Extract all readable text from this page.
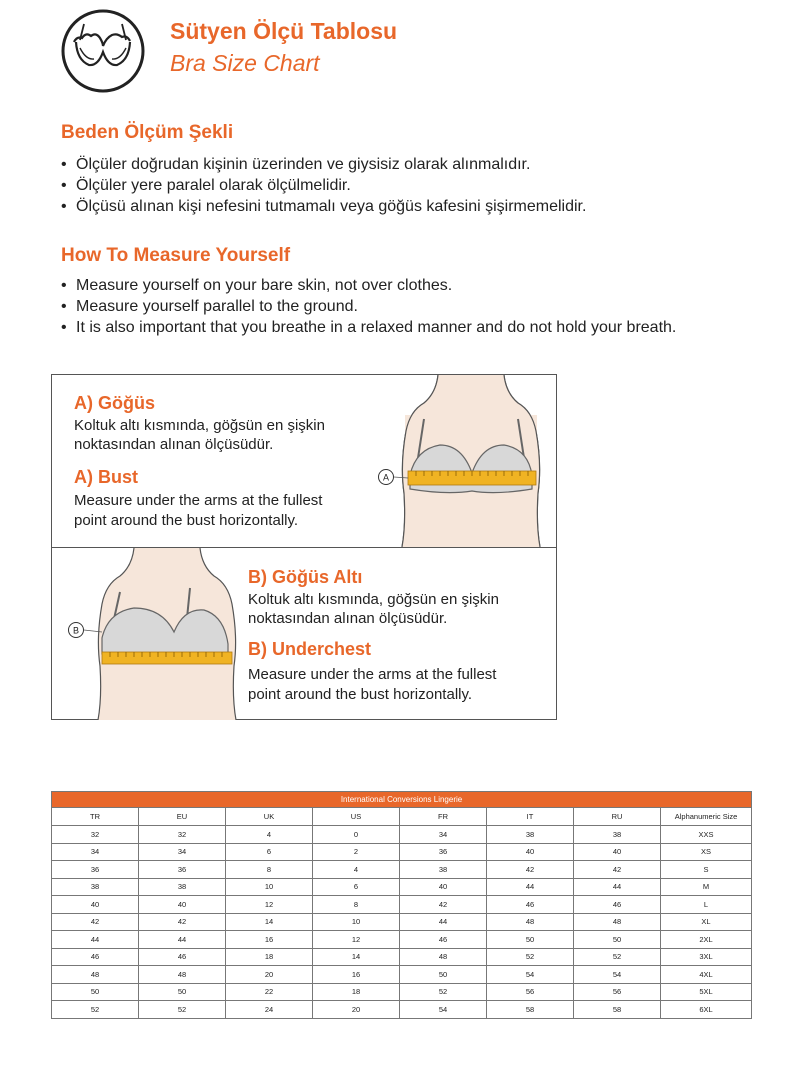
Sütyen Ölçü Tablosu
Bra Size Chart
Beden Ölçüm Şekli
• Ölçüler doğrudan kişinin üzerinden ve giysisiz olarak alınmalıdır.
• Ölçüler yere paralel olarak ölçülmelidir.
• Ölçüsü alınan kişi nefesini tutmamalı veya göğüs kafesini şişirmemelidir.
How To Measure Yourself
• Measure yourself on your bare skin, not over clothes.
• Measure yourself parallel to the ground.
• It is also important that you breathe in a relaxed manner and do not hold your breath.
A) Göğüs
Koltuk altı kısmında, göğsün en şişkin
noktasından alınan ölçüsüdür.
A) Bust
Measure under the arms at the fullest
point around the bust horizontally.
A
B
B) Göğüs Altı
Koltuk altı kısmında, göğsün en şişkin
noktasından alınan ölçüsüdür.
B) Underchest
Measure under the arms at the fullest
point around the bust horizontally.
International Conversions Lingerie							
TR	EU	UK	US	FR	IT	RU	Alphanumeric Size
32	32	4	0	34	38	38	XXS
34	34	6	2	36	40	40	XS
36	36	8	4	38	42	42	S
38	38	10	6	40	44	44	M
40	40	12	8	42	46	46	L
42	42	14	10	44	48	48	XL
44	44	16	12	46	50	50	2XL
46	46	18	14	48	52	52	3XL
48	48	20	16	50	54	54	4XL
50	50	22	18	52	56	56	5XL
52	52	24	20	54	58	58	6XL
